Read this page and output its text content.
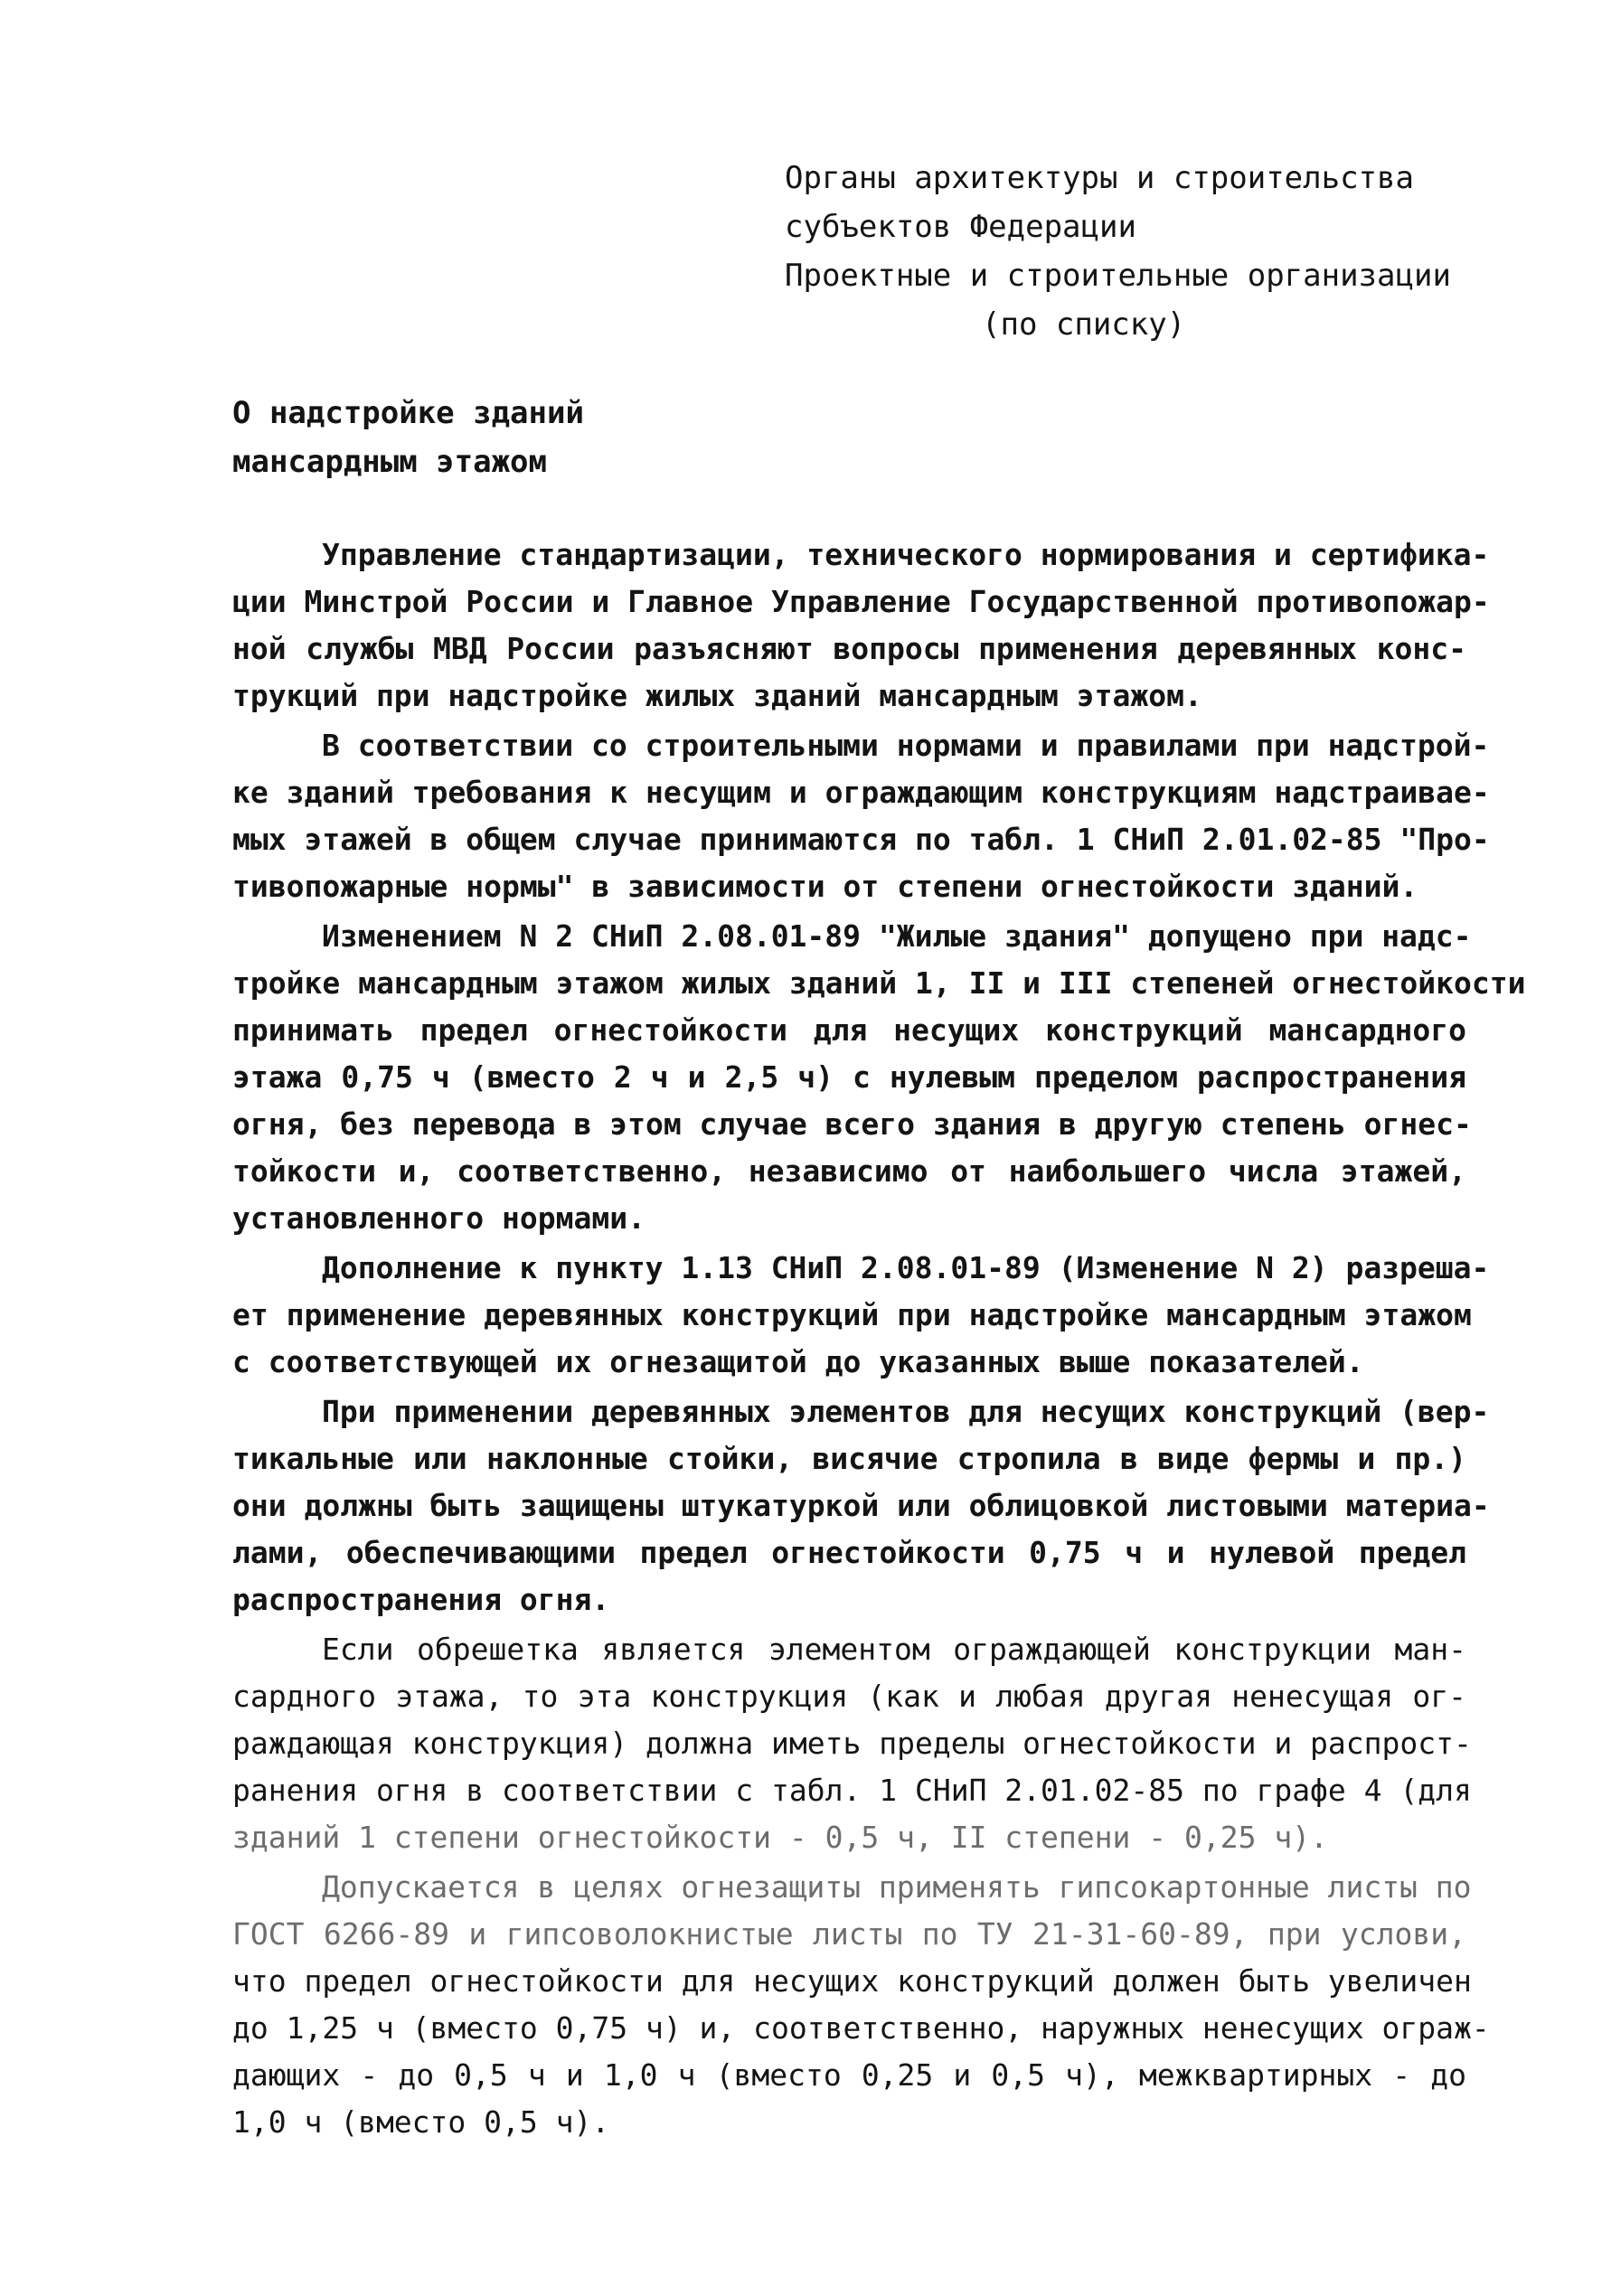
Органы архитектуры и строительства
субъектов Федерации
Проектные и строительные организации
(по списку)
О надстройке зданий
мансардным этажом
Управление стандартизации, технического нормирования и сертифика-
ции Минстрой России и Главное Управление Государственной противопожар-
ной службы МВД России разъясняют вопросы применения деревянных конс-
трукций при надстройке жилых зданий мансардным этажом.
В соответствии со строительными нормами и правилами при надстрой-
ке зданий требования к несущим и ограждающим конструкциям надстраивае-
мых этажей в общем случае принимаются по табл. 1 СНиП 2.01.02-85 "Про-
тивопожарные нормы" в зависимости от степени огнестойкости зданий.
Изменением N 2 СНиП 2.08.01-89 "Жилые здания" допущено при надс-
тройке мансардным этажом жилых зданий 1, II и III степеней огнестойкости
принимать предел огнестойкости для несущих конструкций мансардного
этажа 0,75 ч (вместо 2 ч и 2,5 ч) с нулевым пределом распространения
огня, без перевода в этом случае всего здания в другую степень огнес-
тойкости и, соответственно, независимо от наибольшего числа этажей,
установленного нормами.
Дополнение к пункту 1.13 СНиП 2.08.01-89 (Изменение N 2) разреша-
ет применение деревянных конструкций при надстройке мансардным этажом
с соответствующей их огнезащитой до указанных выше показателей.
При применении деревянных элементов для несущих конструкций (вер-
тикальные или наклонные стойки, висячие стропила в виде фермы и пр.)
они должны быть защищены штукатуркой или облицовкой листовыми материа-
лами, обеспечивающими предел огнестойкости 0,75 ч и нулевой предел
распространения огня.
Если обрешетка является элементом ограждающей конструкции ман-
сардного этажа, то эта конструкция (как и любая другая ненесущая ог-
раждающая конструкция) должна иметь пределы огнестойкости и распрост-
ранения огня в соответствии с табл. 1 СНиП 2.01.02-85 по графе 4 (для
зданий 1 степени огнестойкости - 0,5 ч, II степени - 0,25 ч).
Допускается в целях огнезащиты применять гипсокартонные листы по
ГОСТ 6266-89 и гипсоволокнистые листы по ТУ 21-31-60-89, при услови,
что предел огнестойкости для несущих конструкций должен быть увеличен
до 1,25 ч (вместо 0,75 ч) и, соответственно, наружных ненесущих ограж-
дающих - до 0,5 ч и 1,0 ч (вместо 0,25 и 0,5 ч), межквартирных - до
1,0 ч (вместо 0,5 ч).
